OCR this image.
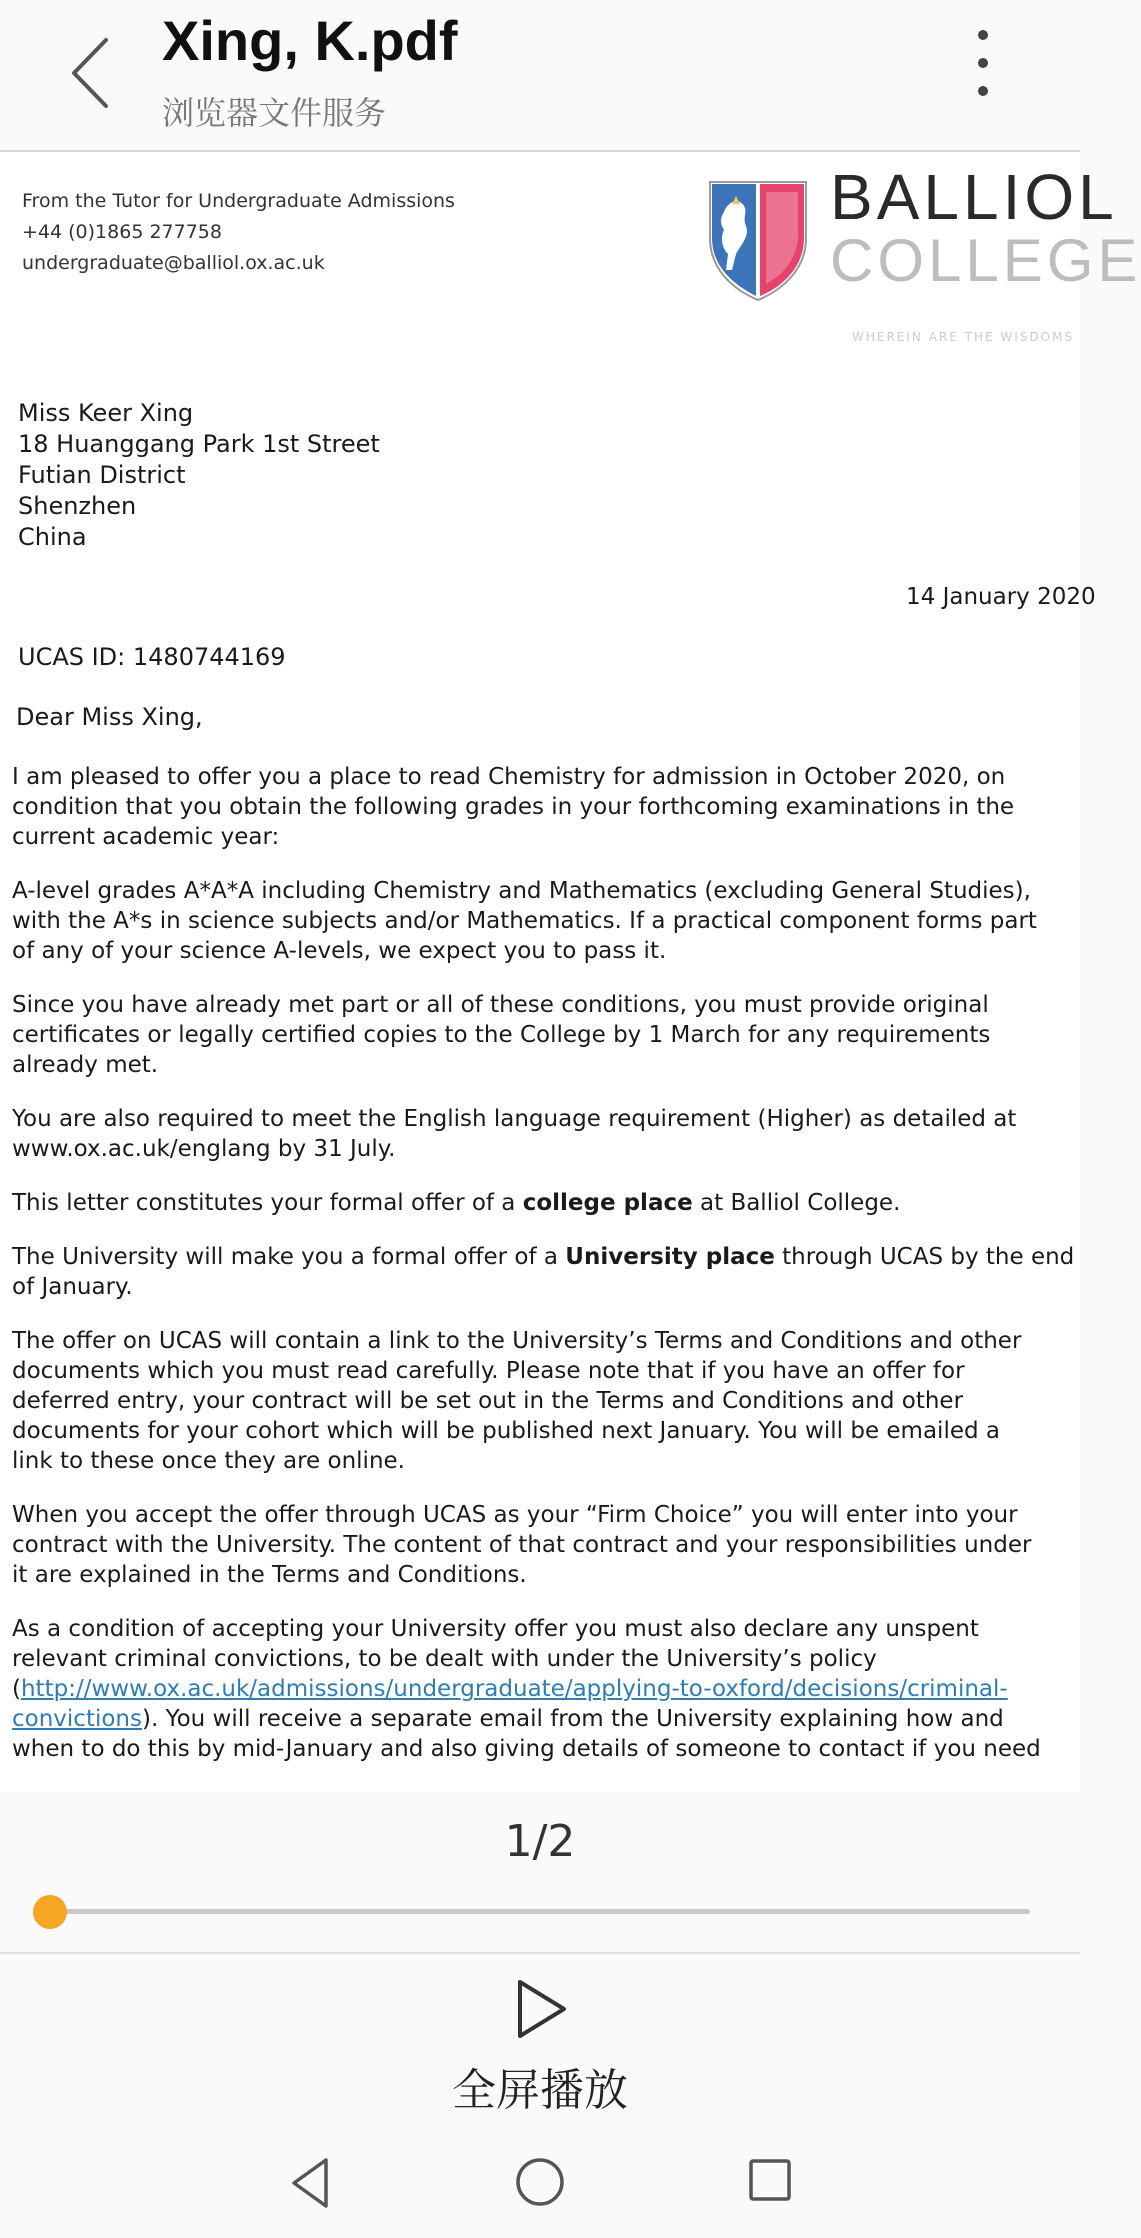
Xing, K.pdf
浏览器文件服务
From the Tutor for Undergraduate Admissions
+44 (0)1865 277758
undergraduate@balliol.ox.ac.uk
BALLIOL
COLLEGE
WHEREIN ARE THE WISDOMS
Miss Keer Xing
18 Huanggang Park 1st Street
Futian District
Shenzhen
China
14 January 2020
UCAS ID: 1480744169
Dear Miss Xing,

I am pleased to offer you a place to read Chemistry for admission in October 2020, on
condition that you obtain the following grades in your forthcoming examinations in the
current academic year:

A-level grades A*A*A including Chemistry and Mathematics (excluding General Studies),
with the A*s in science subjects and/or Mathematics. If a practical component forms part
of any of your science A-levels, we expect you to pass it.

Since you have already met part or all of these conditions, you must provide original
certificates or legally certified copies to the College by 1 March for any requirements
already met.

You are also required to meet the English language requirement (Higher) as detailed at
www.ox.ac.uk/englang by 31 July.

This letter constitutes your formal offer of a college place at Balliol College.

The University will make you a formal offer of a University place through UCAS by the end
of January.

The offer on UCAS will contain a link to the University’s Terms and Conditions and other
documents which you must read carefully. Please note that if you have an offer for
deferred entry, your contract will be set out in the Terms and Conditions and other
documents for your cohort which will be published next January. You will be emailed a
link to these once they are online.

When you accept the offer through UCAS as your “Firm Choice” you will enter into your
contract with the University. The content of that contract and your responsibilities under
it are explained in the Terms and Conditions.

As a condition of accepting your University offer you must also declare any unspent
relevant criminal convictions, to be dealt with under the University’s policy
(http://www.ox.ac.uk/admissions/undergraduate/applying-to-oxford/decisions/criminal-
convictions). You will receive a separate email from the University explaining how and
when to do this by mid-January and also giving details of someone to contact if you need

1/2
全屏播放
